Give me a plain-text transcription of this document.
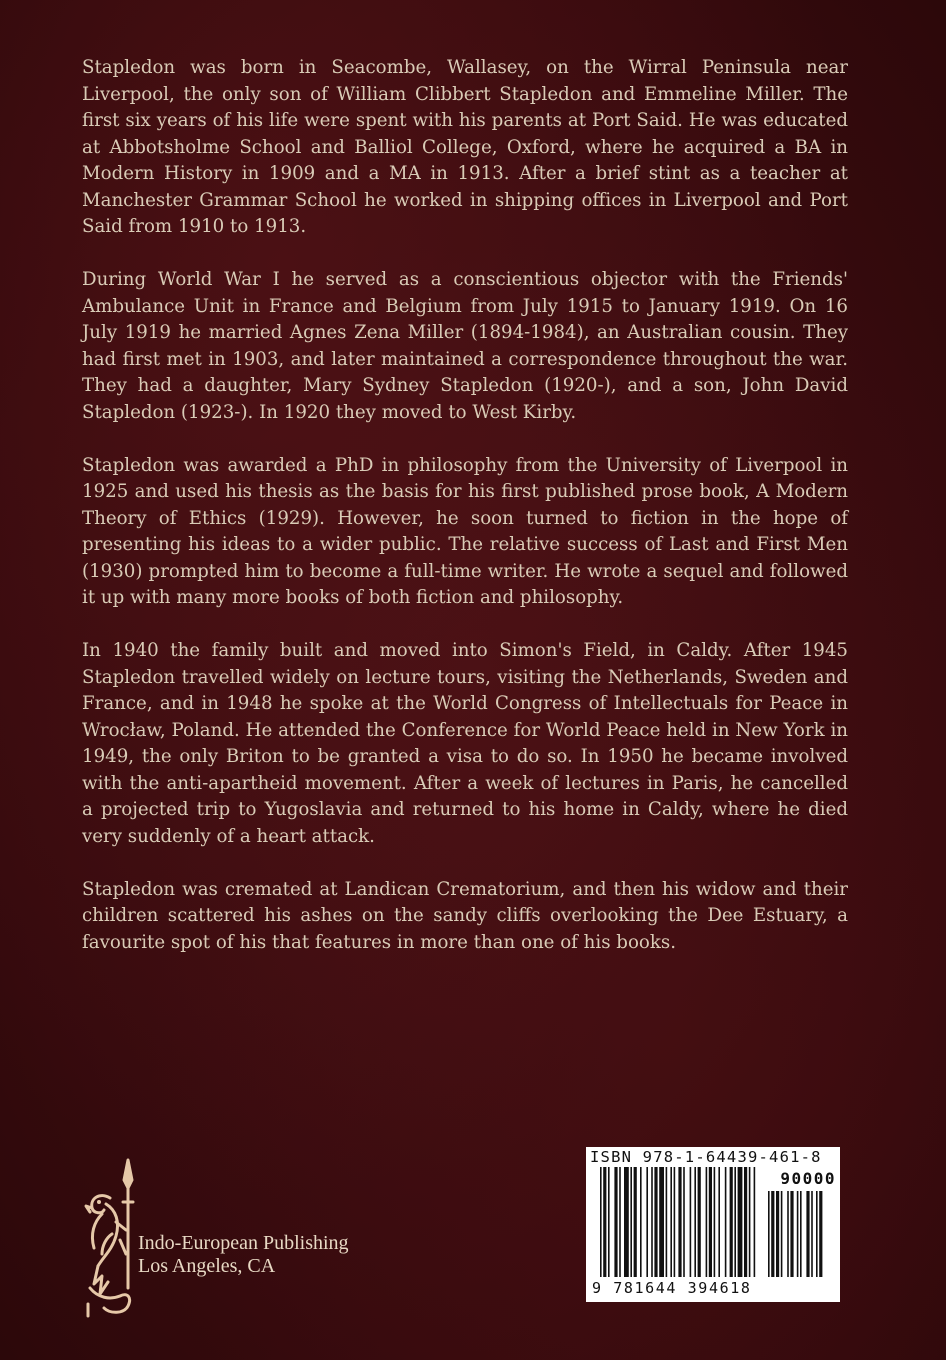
Stapledon was born in Seacombe, Wallasey, on the Wirral Peninsula near Liverpool, the only son of William Clibbert Stapledon and Emmeline Miller. The first six years of his life were spent with his parents at Port Said. He was educated at Abbotsholme School and Balliol College, Oxford, where he acquired a BA in Modern History in 1909 and a MA in 1913. After a brief stint as a teacher at Manchester Grammar School he worked in shipping offices in Liverpool and Port Said from 1910 to 1913.

During World War I he served as a conscientious objector with the Friends' Ambulance Unit in France and Belgium from July 1915 to January 1919. On 16 July 1919 he married Agnes Zena Miller (1894-1984), an Australian cousin. They had first met in 1903, and later maintained a correspondence throughout the war. They had a daughter, Mary Sydney Stapledon (1920-), and a son, John David Stapledon (1923-). In 1920 they moved to West Kirby.

Stapledon was awarded a PhD in philosophy from the University of Liverpool in 1925 and used his thesis as the basis for his first published prose book, A Modern Theory of Ethics (1929). However, he soon turned to fiction in the hope of presenting his ideas to a wider public. The relative success of Last and First Men (1930) prompted him to become a full-time writer. He wrote a sequel and followed it up with many more books of both fiction and philosophy.

In 1940 the family built and moved into Simon's Field, in Caldy. After 1945 Stapledon travelled widely on lecture tours, visiting the Netherlands, Sweden and France, and in 1948 he spoke at the World Congress of Intellectuals for Peace in Wrocław, Poland. He attended the Conference for World Peace held in New York in 1949, the only Briton to be granted a visa to do so. In 1950 he became involved with the anti-apartheid movement. After a week of lectures in Paris, he cancelled a projected trip to Yugoslavia and returned to his home in Caldy, where he died very suddenly of a heart attack.

Stapledon was cremated at Landican Crematorium, and then his widow and their children scattered his ashes on the sandy cliffs overlooking the Dee Estuary, a favourite spot of his that features in more than one of his books.

Indo-European Publishing
Los Angeles, CA
ISBN 978-1-64439-461-8
90000
9 781644 394618
